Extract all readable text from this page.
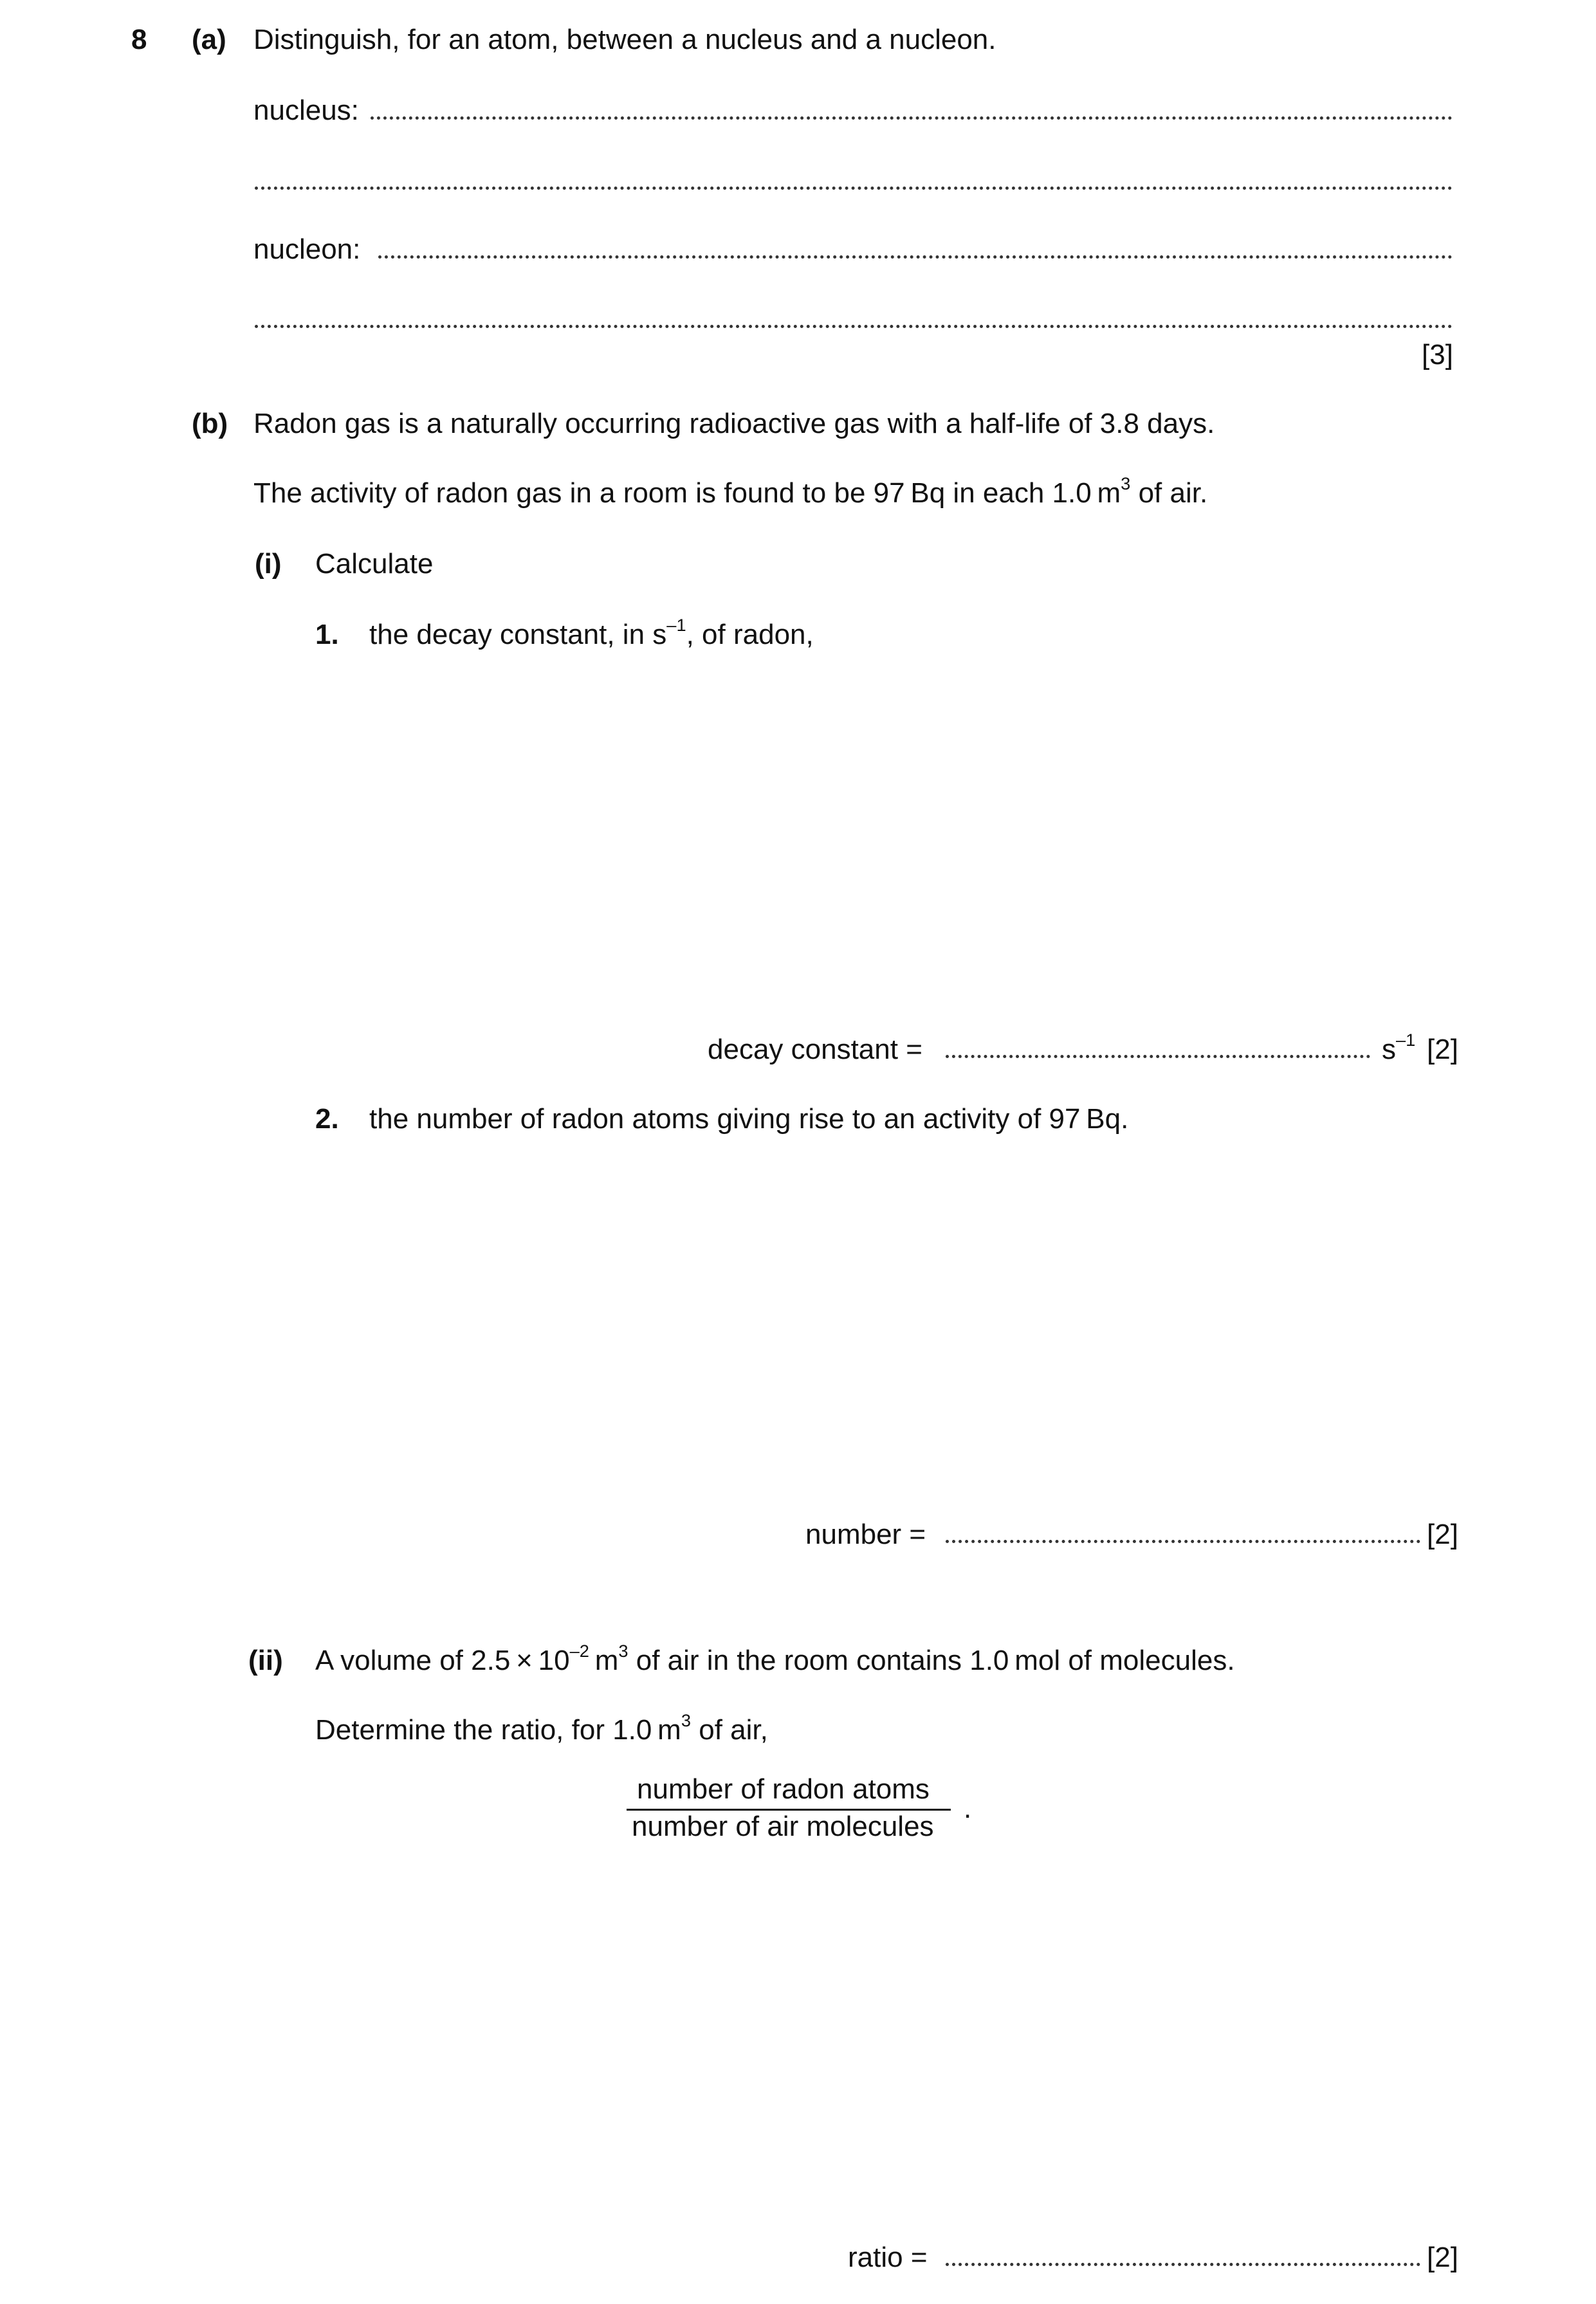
8 (a) Distinguish, for an atom, between a nucleus and a nucleon.
nucleus:
nucleon:
[3]
(b) Radon gas is a naturally occurring radioactive gas with a half-life of 3.8 days.
The activity of radon gas in a room is found to be 97 Bq in each 1.0 $m^3$ of air.
(i) Calculate
1. the decay constant, in $s^{-1}$, of radon,
decay constant =	$s^{-1}$ [2]
2. the number of radon atoms giving rise to an activity of 97 Bq.
number =	[2]
(ii) A volume of $2.5 \times 10^{-2}$ $m^3$ of air in the room contains 1.0 mol of molecules.
Determine the ratio, for 1.0 $m^3$ of air,
number of radon atoms
number of air molecules
.
ratio =	[2]
